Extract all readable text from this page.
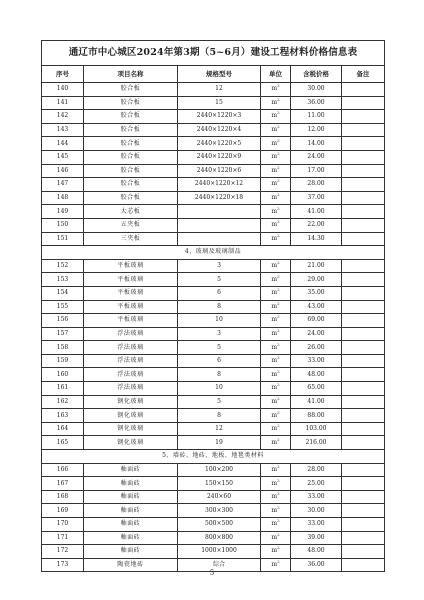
通辽市中心城区2024年第3期（5~6月）建设工程材料价格信息表					
序号	项目名称	规格型号	单位	含税价格	备注
140	胶合板	12	$m^2$	30.00	
141	胶合板	15	$m^2$	36.00	
142	胶合板	2440×1220×3	$m^2$	11.00	
143	胶合板	2440×1220×4	$m^2$	12.00	
144	胶合板	2440×1220×5	$m^2$	14.00	
145	胶合板	2440×1220×9	$m^2$	24.00	
146	胶合板	2440×1220×6	$m^2$	17.00	
147	胶合板	2440×1220×12	$m^2$	28.00	
148	胶合板	2440×1220×18	$m^2$	37.00	
149	大芯板		$m^2$	41.00	
150	五夹板		$m^2$	22.00	
151	三夹板		$m^2$	14.30	
4、玻璃及玻璃制品					
152	平板玻璃	3	$m^2$	21.00	
153	平板玻璃	5	$m^2$	29.00	
154	平板玻璃	6	$m^2$	35.00	
155	平板玻璃	8	$m^2$	43.00	
156	平板玻璃	10	$m^2$	69.00	
157	浮法玻璃	3	$m^2$	24.00	
158	浮法玻璃	5	$m^2$	26.00	
159	浮法玻璃	6	$m^2$	33.00	
160	浮法玻璃	8	$m^2$	48.00	
161	浮法玻璃	10	$m^2$	65.00	
162	钢化玻璃	5	$m^2$	41.00	
163	钢化玻璃	8	$m^2$	88.00	
164	钢化玻璃	12	$m^2$	103.00	
165	钢化玻璃	19	$m^2$	216.00	
5、墙砖、地砖、地板、地毯类材料					
166	釉面砖	100×200	$m^2$	28.00	
167	釉面砖	150×150	$m^2$	25.00	
168	釉面砖	240×60	$m^2$	33.00	
169	釉面砖	300×300	$m^2$	30.00	
170	釉面砖	500×500	$m^2$	33.00	
171	釉面砖	800×800	$m^2$	39.00	
172	釉面砖	1000×1000	$m^2$	48.00	
173	陶瓷地砖	综合	$m^2$	36.00	
5
